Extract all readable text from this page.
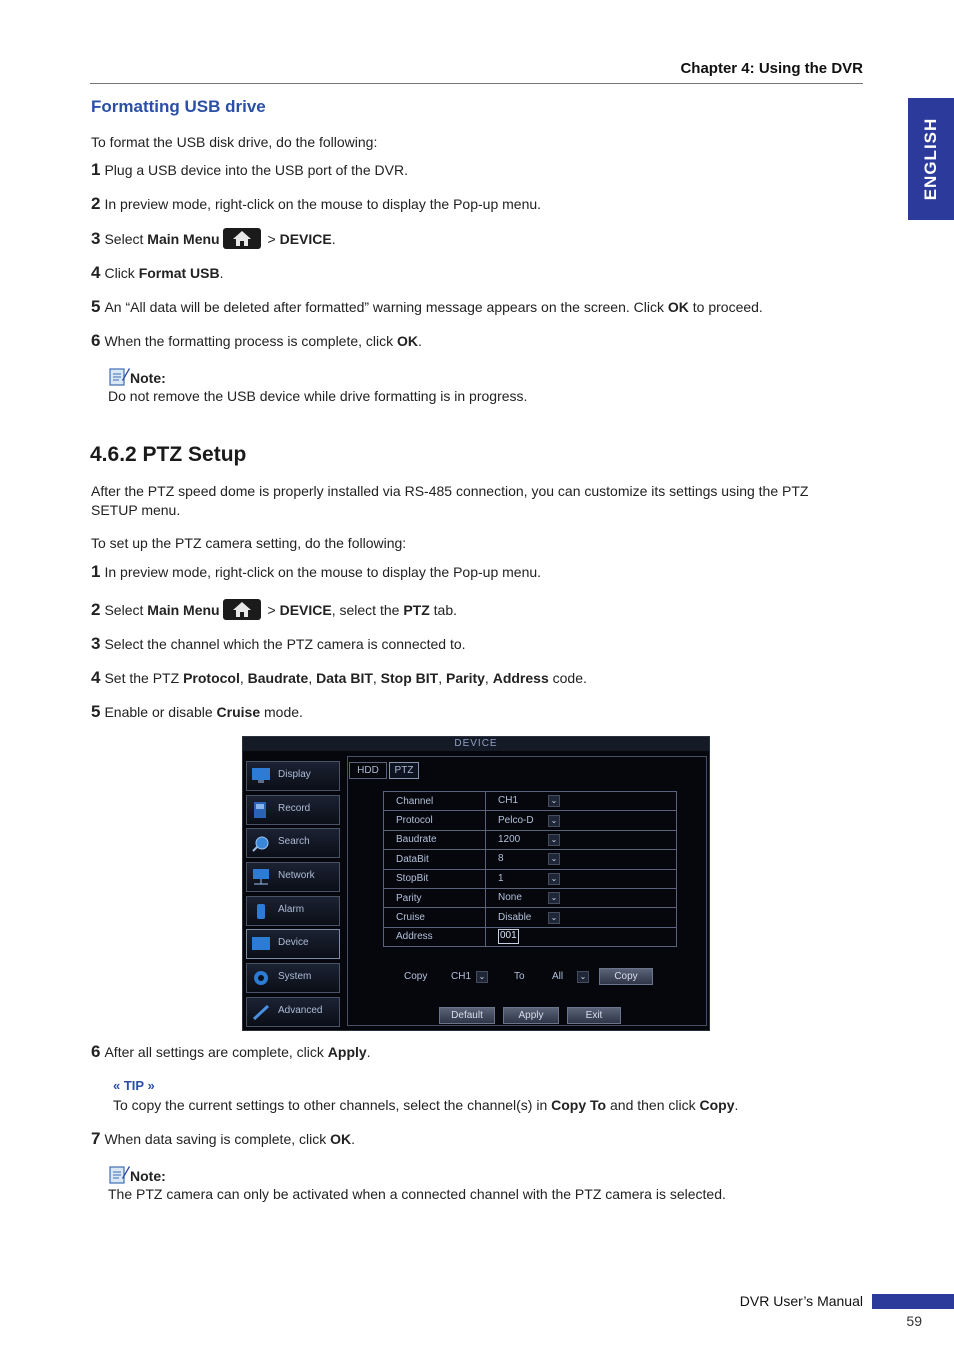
Chapter 4: Using the DVR
ENGLISH
Formatting USB drive
To format the USB disk drive, do the following:
1 Plug a USB device into the USB port of the DVR.
2 In preview mode, right-click on the mouse to display the Pop-up menu.
3 Select Main Menu	> DEVICE.
4 Click Format USB.
5 An “All data will be deleted after formatted” warning message appears on the screen. Click OK to proceed.
6 When the formatting process is complete, click OK.
Note:
Do not remove the USB device while drive formatting is in progress.
4.6.2 PTZ Setup
After the PTZ speed dome is properly installed via RS-485 connection, you can customize its settings using the PTZ SETUP menu.
To set up the PTZ camera setting, do the following:
1 In preview mode, right-click on the mouse to display the Pop-up menu.
2 Select Main Menu	> DEVICE, select the PTZ tab.
3 Select the channel which the PTZ camera is connected to.
4 Set the PTZ Protocol, Baudrate, Data BIT, Stop BIT, Parity, Address code.
5 Enable or disable Cruise mode.
DEVICE
Display
Record
Search
Network
Alarm
Device
System
Advanced
HDD	PTZ
Channel	CH1 ⌄
Protocol	Pelco-D ⌄
Baudrate	1200 ⌄
DataBit	8 ⌄
StopBit	1 ⌄
Parity	None ⌄
Cruise	Disable ⌄
Address	001
Copy CH1 ⌄	To	All	⌄	Copy
Default	Apply	Exit
6 After all settings are complete, click Apply.
« TIP »
To copy the current settings to other channels, select the channel(s) in Copy To and then click Copy.
7 When data saving is complete, click OK.
Note:
The PTZ camera can only be activated when a connected channel with the PTZ camera is selected.
DVR User’s Manual
59
